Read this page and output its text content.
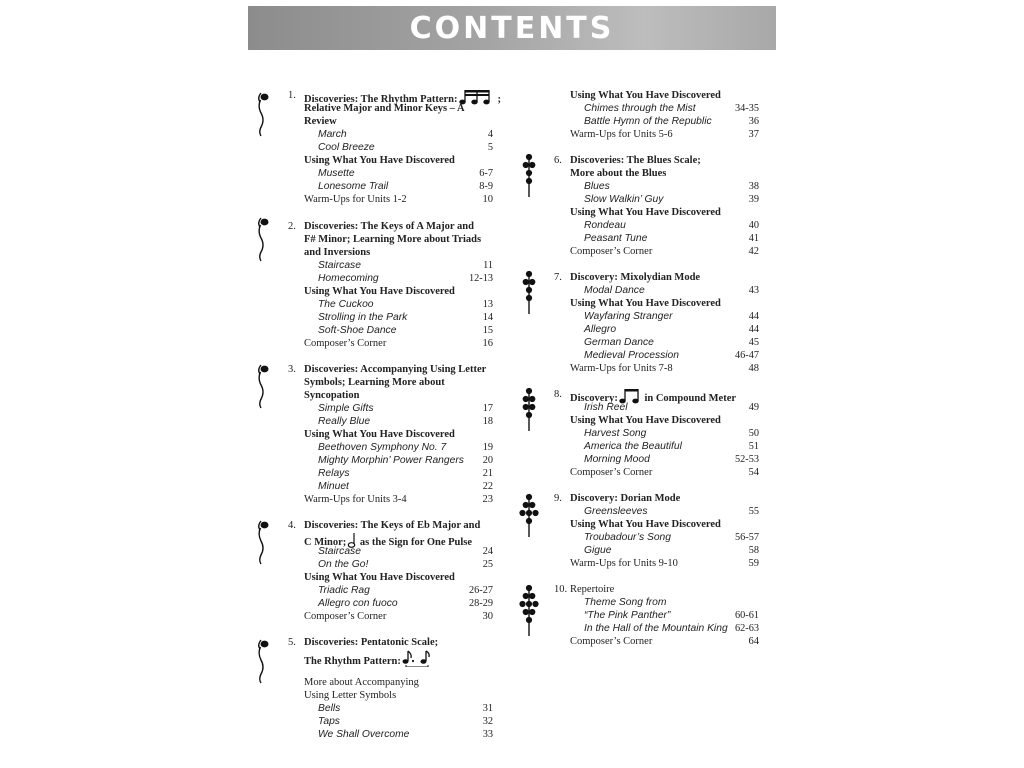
CONTENTS
1. Discoveries: The Rhythm Pattern:	;
Relative Major and Minor Keys – A
Review
March	4
Cool Breeze	5
Using What You Have Discovered
Musette	6-7
Lonesome Trail	8-9
Warm-Ups for Units 1-2	10
2. Discoveries: The Keys of A Major and
F# Minor; Learning More about Triads
and Inversions
Staircase	11
Homecoming	12-13
Using What You Have Discovered
The Cuckoo	13
Strolling in the Park	14
Soft-Shoe Dance	15
Composer’s Corner	16
3. Discoveries: Accompanying Using Letter
Symbols; Learning More about
Syncopation
Simple Gifts	17
Really Blue	18
Using What You Have Discovered
Beethoven Symphony No. 7	19
Mighty Morphin’ Power Rangers	20
Relays	21
Minuet	22
Warm-Ups for Units 3-4	23
4. Discoveries: The Keys of Eb Major and
C Minor; as the Sign for One Pulse
Staircase	24
On the Go!	25
Using What You Have Discovered
Triadic Rag	26-27
Allegro con fuoco	28-29
Composer’s Corner	30
5. Discoveries: Pentatonic Scale;
The Rhythm Pattern:
More about Accompanying
Using Letter Symbols
Bells	31
Taps	32
We Shall Overcome	33
Using What You Have Discovered
Chimes through the Mist	34-35
Battle Hymn of the Republic	36
Warm-Ups for Units 5-6	37
6. Discoveries: The Blues Scale;
More about the Blues
Blues	38
Slow Walkin’ Guy	39
Using What You Have Discovered
Rondeau	40
Peasant Tune	41
Composer’s Corner	42
7. Discovery: Mixolydian Mode
Modal Dance	43
Using What You Have Discovered
Wayfaring Stranger	44
Allegro	44
German Dance	45
Medieval Procession	46-47
Warm-Ups for Units 7-8	48
8. Discovery: in Compound Meter
Irish Reel	49
Using What You Have Discovered
Harvest Song	50
America the Beautiful	51
Morning Mood	52-53
Composer’s Corner	54
9. Discovery: Dorian Mode
Greensleeves	55
Using What You Have Discovered
Troubadour’s Song	56-57
Gigue	58
Warm-Ups for Units 9-10	59
10. Repertoire
Theme Song from
“The Pink Panther”	60-61
In the Hall of the Mountain King 62-63
Composer’s Corner	64
